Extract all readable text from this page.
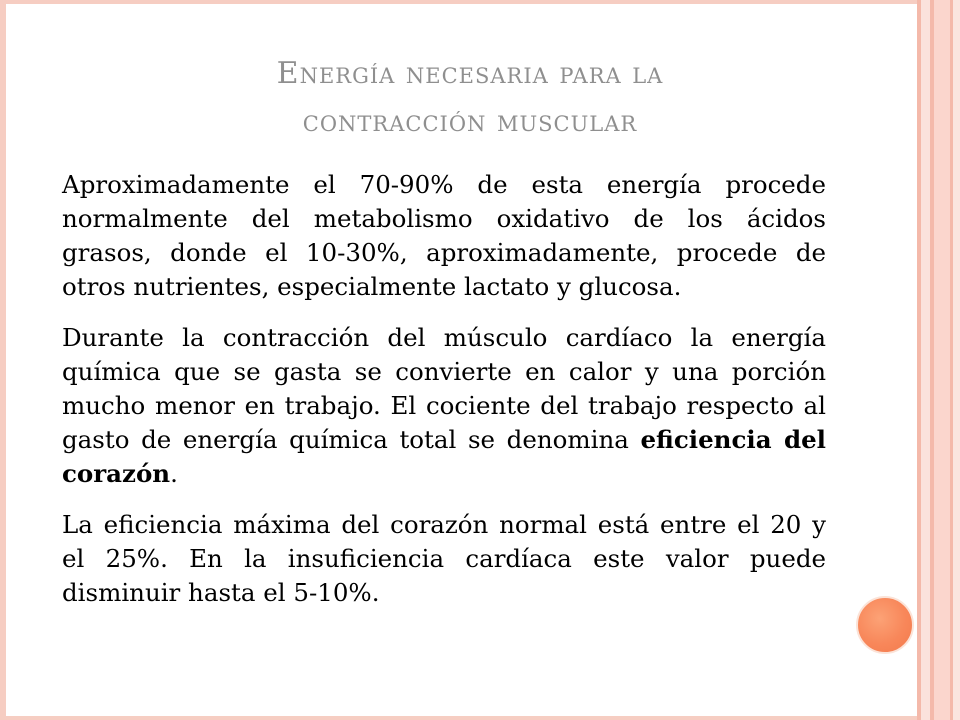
Energía necesaria para la
contracción muscular

Aproximadamente el 70-90% de esta energía procede normalmente del metabolismo oxidativo de los ácidos grasos, donde el 10-30%, aproximadamente, procede de otros nutrientes, especialmente lactato y glucosa.

Durante la contracción del músculo cardíaco la energía química que se gasta se convierte en calor y una porción mucho menor en trabajo. El cociente del trabajo respecto al gasto de energía química total se denomina eficiencia del corazón.

La eficiencia máxima del corazón normal está entre el 20 y el 25%. En la insuficiencia cardíaca este valor puede disminuir hasta el 5-10%.
